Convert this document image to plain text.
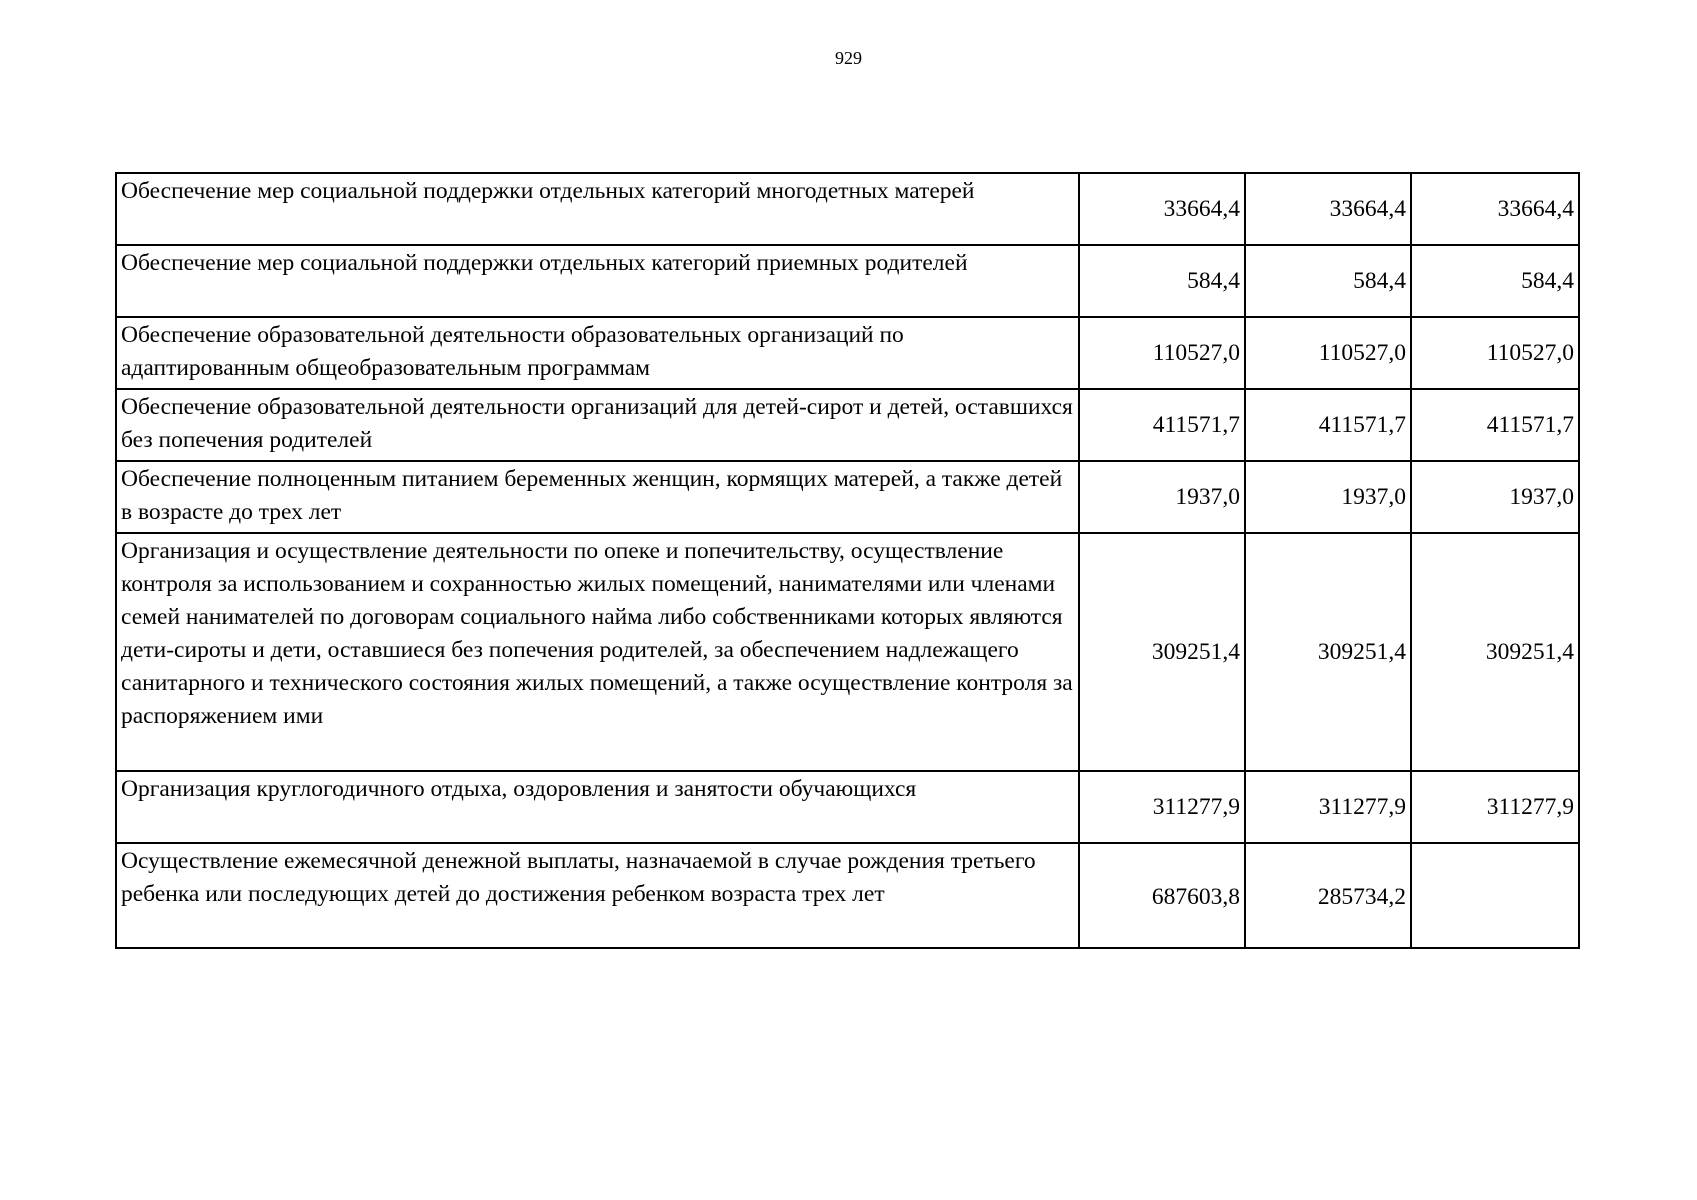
929
Обеспечение мер социальной поддержки отдельных категорий многодетных матерей	33664,4	33664,4	33664,4
Обеспечение мер социальной поддержки отдельных категорий приемных родителей	584,4	584,4	584,4
Обеспечение образовательной деятельности образовательных организаций по адаптированным общеобразовательным программам	110527,0	110527,0	110527,0
Обеспечение образовательной деятельности организаций для детей-сирот и детей, оставшихся без попечения родителей	411571,7	411571,7	411571,7
Обеспечение полноценным питанием беременных женщин, кормящих матерей, а также детей в возрасте до трех лет	1937,0	1937,0	1937,0
Организация и осуществление деятельности по опеке и попечительству, осуществление контроля за использованием и сохранностью жилых помещений, нанимателями или членами семей нанимателей по договорам социального найма либо собственниками которых являются дети-сироты и дети, оставшиеся без попечения родителей, за обеспечением надлежащего санитарного и технического состояния жилых помещений, а также осуществление контроля за распоряжением ими	309251,4	309251,4	309251,4
Организация круглогодичного отдыха, оздоровления и занятости обучающихся	311277,9	311277,9	311277,9
Осуществление ежемесячной денежной выплаты, назначаемой в случае рождения третьего ребенка или последующих детей до достижения ребенком возраста трех лет	687603,8	285734,2	
